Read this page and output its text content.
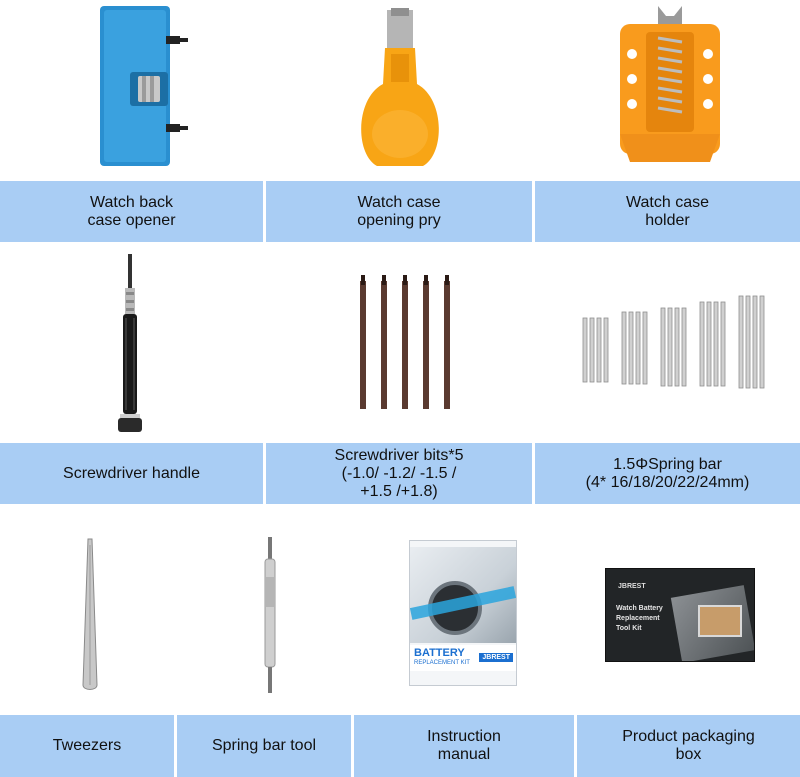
Watch back
case opener
Watch case
opening pry
Watch case
holder
Screwdriver handle
Screwdriver bits*5
(-1.0/ -1.2/ -1.5 /
+1.5 /+1.8)
1.5ΦSpring bar
(4* 16/18/20/22/24mm)
BATTERY
REPLACEMENT KIT
JBREST
JBREST
Watch Battery
Replacement
Tool Kit
Tweezers	Spring bar tool
Instruction
manual
Product packaging
box
